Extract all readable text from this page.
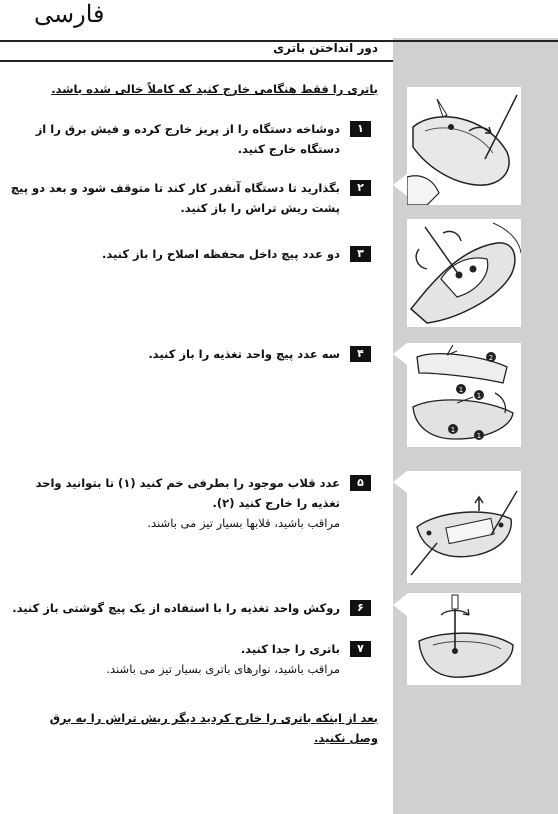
فارسی
دور انداختن باتری
باتری را فقط هنگامی خارج کنید که کاملاً خالی شده باشد.
۱
دوشاخه دستگاه را از پریز خارج کرده و فیش برق را از
دستگاه خارج کنید.
۲
بگذارید تا دستگاه آنقدر کار کند تا متوقف شود و بعد دو پیچ
پشت ریش تراش را باز کنید.
۳
دو عدد پیچ داخل محفظه اصلاح را باز کنید.
۴
سه عدد پیچ واحد تغذیه را باز کنید.
۵
عدد قلاب موجود را بطرفی خم کنید (۱) تا بتوانید واحد
تغذیه را خارج کنید (۲).
مراقب باشید، قلابها بسیار تیز می باشند.
۶
روکش واحد تغذیه را با استفاده از یک پیچ گوشتی باز کنید.
۷
باتری را جدا کنید.
مراقب باشید، نوارهای باتری بسیار تیز می باشند.
بعد از اینکه باتری را خارج کردید دیگر ریش تراش را به برق
وصل نکنید.
2
1
1
1
1
